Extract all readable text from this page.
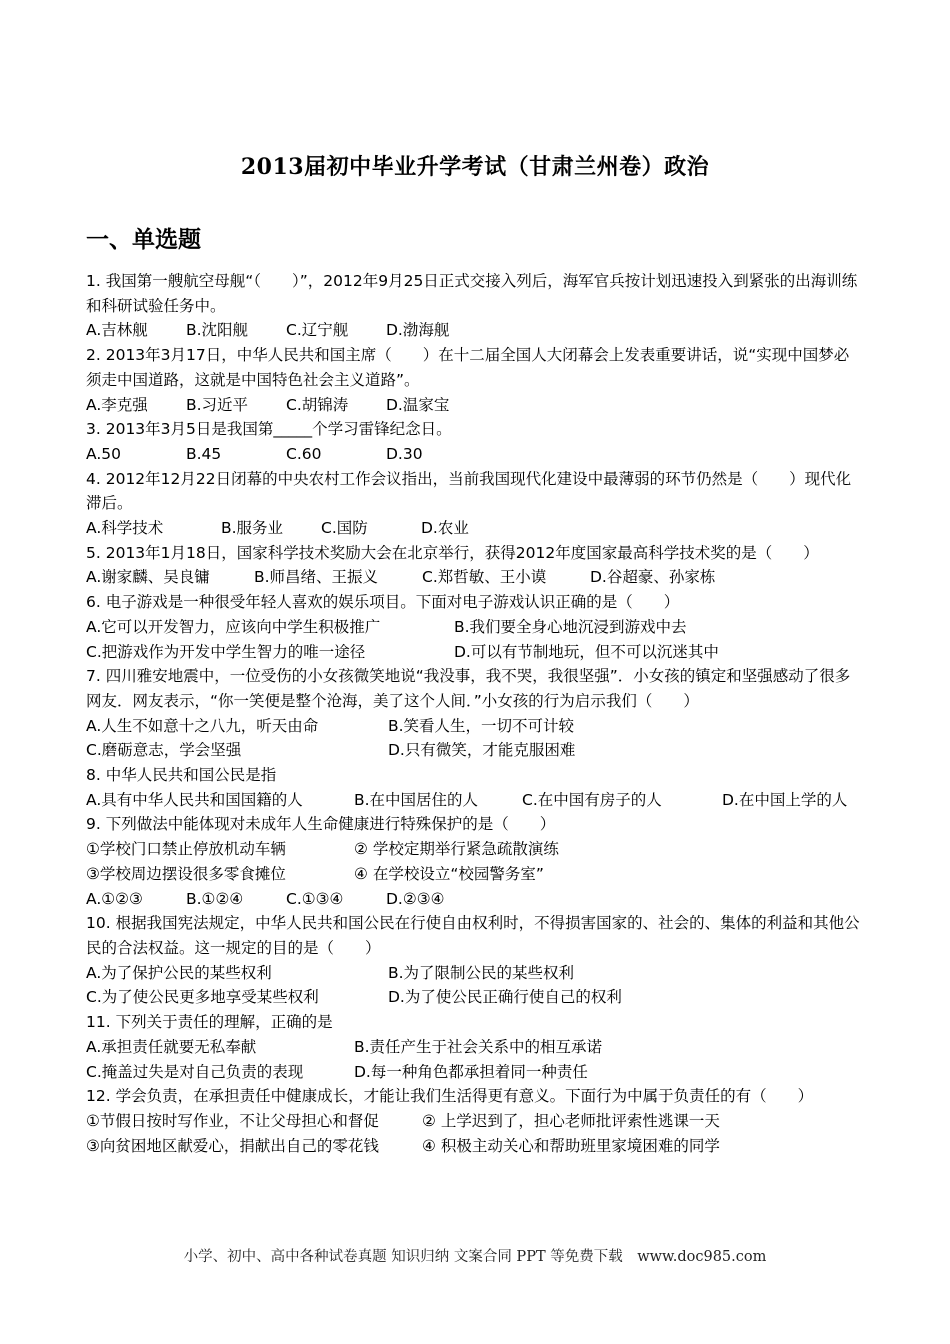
2013届初中毕业升学考试（甘肃兰州卷）政治
一、单选题

1. 我国第一艘航空母舰“（　　）”，2012年9月25日正式交接入列后，海军官兵按计划迅速投入到紧张的出海训练和科研试验任务中。

A.吉林舰	B.沈阳舰	C.辽宁舰	D.渤海舰

2. 2013年3月17日，中华人民共和国主席（　　）在十二届全国人大闭幕会上发表重要讲话，说“实现中国梦必须走中国道路，这就是中国特色社会主义道路”。

A.李克强	B.习近平	C.胡锦涛	D.温家宝

3. 2013年3月5日是我国第_____个学习雷锋纪念日。

A.50	B.45	C.60	D.30

4. 2012年12月22日闭幕的中央农村工作会议指出，当前我国现代化建设中最薄弱的环节仍然是（　　）现代化滞后。

A.科学技术	B.服务业	C.国防	D.农业

5. 2013年1月18日，国家科学技术奖励大会在北京举行，获得2012年度国家最高科学技术奖的是（　　）

A.谢家麟、吴良镛	B.师昌绪、王振义	C.郑哲敏、王小谟	D.谷超豪、孙家栋

6. 电子游戏是一种很受年轻人喜欢的娱乐项目。下面对电子游戏认识正确的是（　　）

A.它可以开发智力，应该向中学生积极推广	B.我们要全身心地沉浸到游戏中去
C.把游戏作为开发中学生智力的唯一途径	D.可以有节制地玩，但不可以沉迷其中

7. 四川雅安地震中，一位受伤的小女孩微笑地说“我没事，我不哭，我很坚强”．小女孩的镇定和坚强感动了很多网友．网友表示，“你一笑便是整个沧海，美了这个人间．”小女孩的行为启示我们（　　）

A.人生不如意十之八九，听天由命	B.笑看人生，一切不可计较
C.磨砺意志，学会坚强	D.只有微笑，才能克服困难

8. 中华人民共和国公民是指

A.具有中华人民共和国国籍的人	B.在中国居住的人	C.在中国有房子的人	D.在中国上学的人

9. 下列做法中能体现对未成年人生命健康进行特殊保护的是（　　）

①学校门口禁止停放机动车辆	② 学校定期举行紧急疏散演练
③学校周边摆设很多零食摊位	④ 在学校设立“校园警务室”
A.①②③	B.①②④	C.①③④	D.②③④

10. 根据我国宪法规定，中华人民共和国公民在行使自由权利时，不得损害国家的、社会的、集体的利益和其他公民的合法权益。这一规定的目的是（　　）

A.为了保护公民的某些权利	B.为了限制公民的某些权利
C.为了使公民更多地享受某些权利	D.为了使公民正确行使自己的权利

11. 下列关于责任的理解，正确的是

A.承担责任就要无私奉献	B.责任产生于社会关系中的相互承诺
C.掩盖过失是对自己负责的表现	D.每一种角色都承担着同一种责任

12. 学会负责，在承担责任中健康成长，才能让我们生活得更有意义。下面行为中属于负责任的有（　　）

①节假日按时写作业，不让父母担心和督促	② 上学迟到了，担心老师批评索性逃课一天
③向贫困地区献爱心，捐献出自己的零花钱	④ 积极主动关心和帮助班里家境困难的同学
小学、初中、高中各种试卷真题 知识归纳 文案合同 PPT 等免费下载　www.doc985.com
